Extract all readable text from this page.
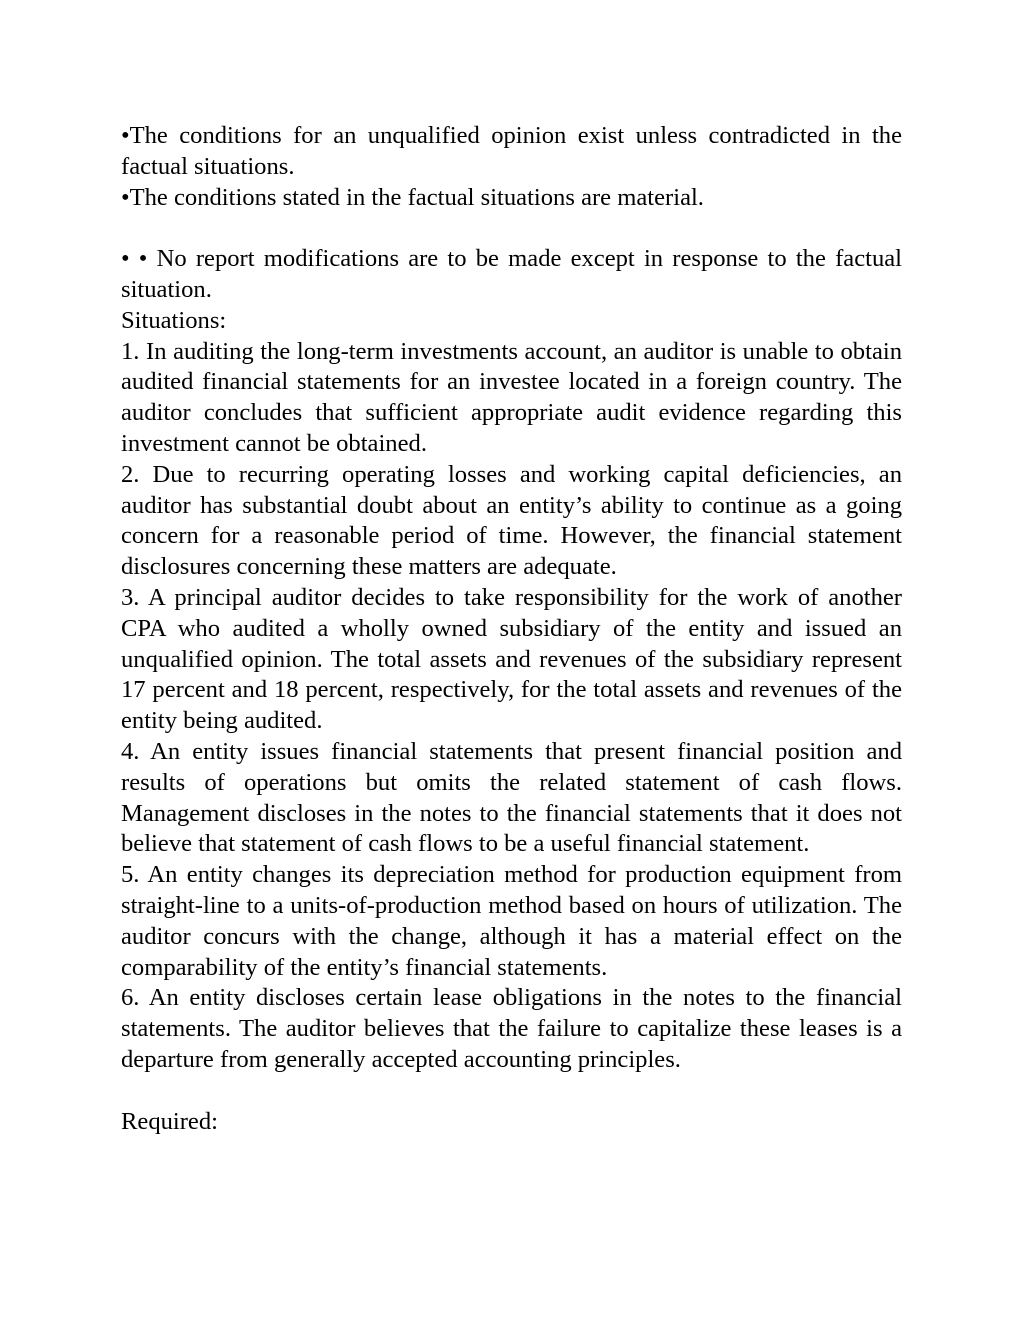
•The conditions for an unqualified opinion exist unless contradicted in the factual situations.

•The conditions stated in the factual situations are material.

• • No report modifications are to be made except in response to the factual situation.

Situations:

1. In auditing the long-term investments account, an auditor is unable to obtain audited financial statements for an investee located in a foreign country. The auditor concludes that sufficient appropriate audit evidence regarding this investment cannot be obtained.

2. Due to recurring operating losses and working capital deficiencies, an auditor has substantial doubt about an entity’s ability to continue as a going concern for a reasonable period of time. However, the financial statement disclosures concerning these matters are adequate.

3. A principal auditor decides to take responsibility for the work of another CPA who audited a wholly owned subsidiary of the entity and issued an unqualified opinion. The total assets and revenues of the subsidiary represent 17 percent and 18 percent, respectively, for the total assets and revenues of the entity being audited.

4. An entity issues financial statements that present financial position and results of operations but omits the related statement of cash flows. Management discloses in the notes to the financial statements that it does not believe that statement of cash flows to be a useful financial statement.

5. An entity changes its depreciation method for production equipment from straight-line to a units-of-production method based on hours of utilization. The auditor concurs with the change, although it has a material effect on the comparability of the entity’s financial statements.

6. An entity discloses certain lease obligations in the notes to the financial statements. The auditor believes that the failure to capitalize these leases is a departure from generally accepted accounting principles.

Required:
